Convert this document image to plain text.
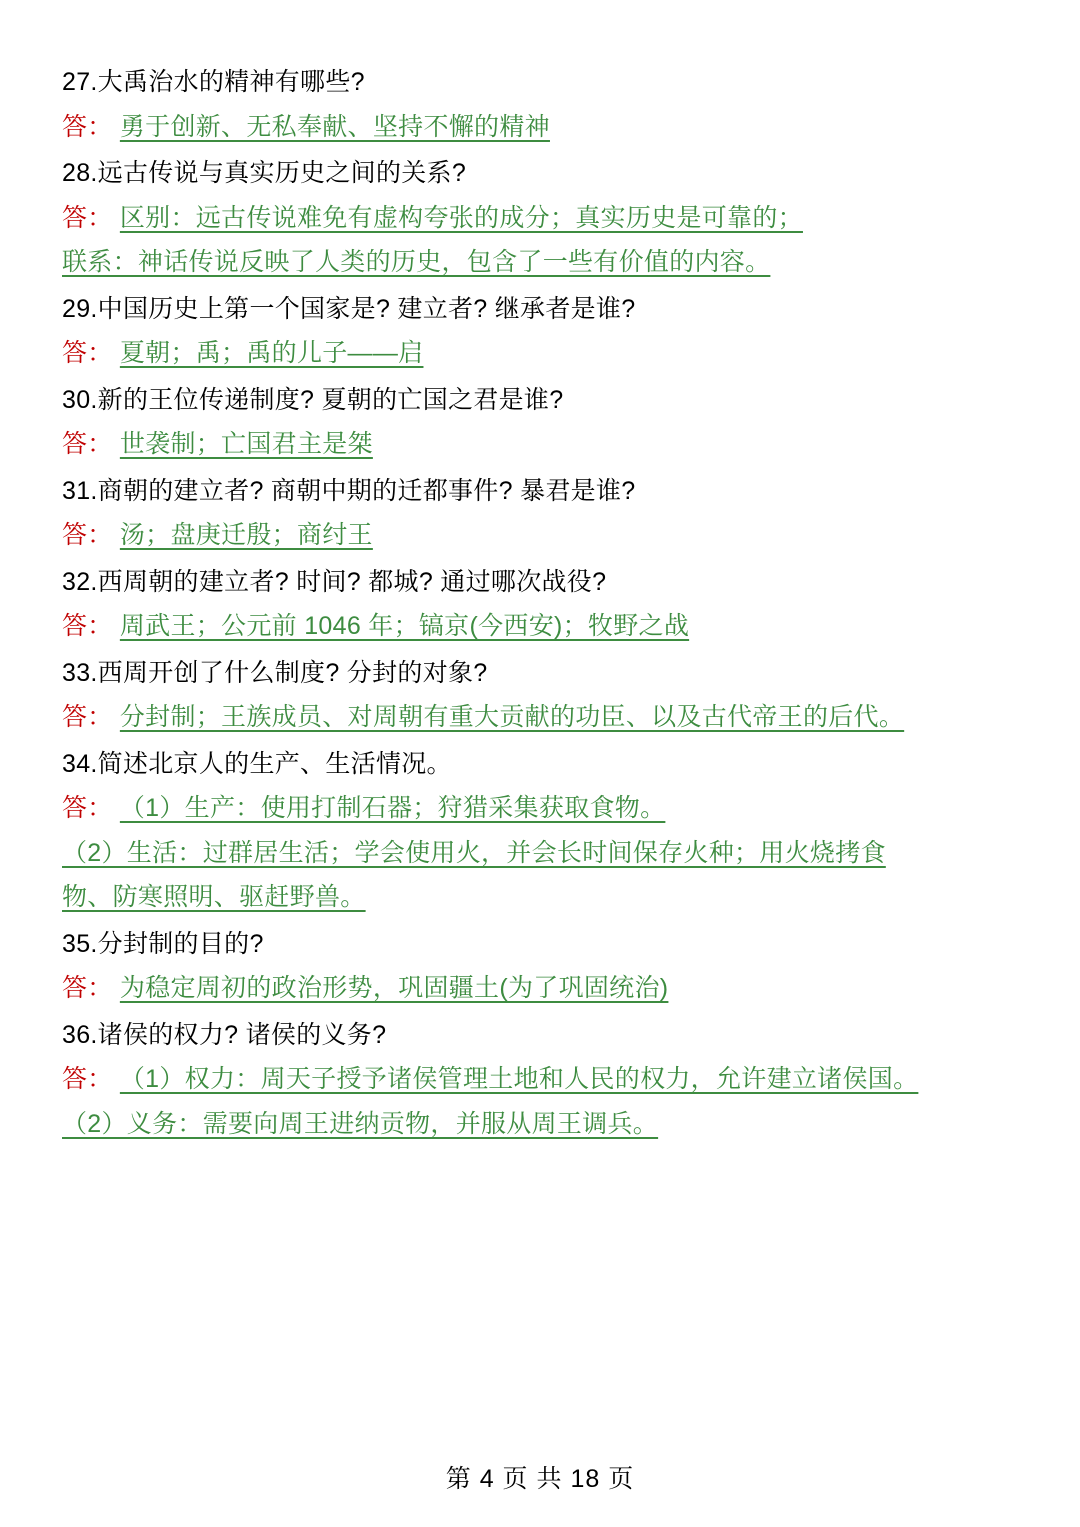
27.大禹治水的精神有哪些?
答： 勇于创新、无私奉献、坚持不懈的精神
28.远古传说与真实历史之间的关系?
答： 区别：远古传说难免有虚构夸张的成分；真实历史是可靠的；
联系：神话传说反映了人类的历史，包含了一些有价值的内容。
29.中国历史上第一个国家是? 建立者? 继承者是谁?
答： 夏朝；禹；禹的儿子——启
30.新的王位传递制度? 夏朝的亡国之君是谁?
答： 世袭制；亡国君主是桀
31.商朝的建立者? 商朝中期的迁都事件? 暴君是谁?
答： 汤；盘庚迁殷；商纣王
32.西周朝的建立者? 时间? 都城? 通过哪次战役?
答： 周武王；公元前 1046 年；镐京(今西安)；牧野之战
33.西周开创了什么制度? 分封的对象?
答： 分封制；王族成员、对周朝有重大贡献的功臣、以及古代帝王的后代。
34.简述北京人的生产、生活情况。
答： （1）生产：使用打制石器；狩猎采集获取食物。
（2）生活：过群居生活；学会使用火，并会长时间保存火种；用火烧拷食
物、防寒照明、驱赶野兽。
35.分封制的目的?
答： 为稳定周初的政治形势，巩固疆土(为了巩固统治)
36.诸侯的权力? 诸侯的义务?
答： （1）权力：周天子授予诸侯管理土地和人民的权力，允许建立诸侯国。
（2）义务：需要向周王进纳贡物，并服从周王调兵。
第 4 页 共 18 页
